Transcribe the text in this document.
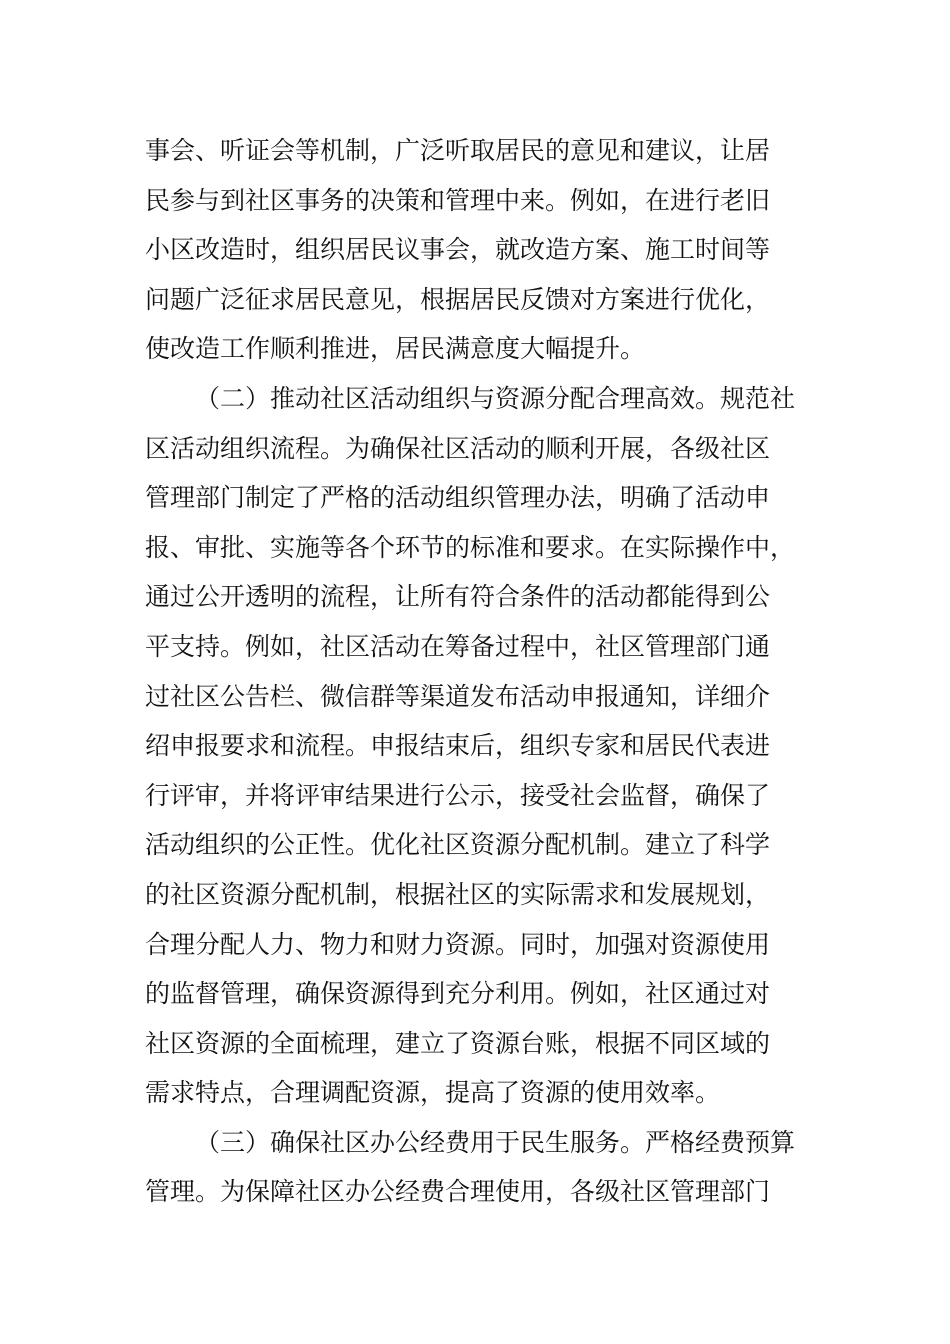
事会、听证会等机制，广泛听取居民的意见和建议，让居
民参与到社区事务的决策和管理中来。例如，在进行老旧
小区改造时，组织居民议事会，就改造方案、施工时间等
问题广泛征求居民意见，根据居民反馈对方案进行优化，
使改造工作顺利推进，居民满意度大幅提升。
（二）推动社区活动组织与资源分配合理高效。规范社
区活动组织流程。为确保社区活动的顺利开展，各级社区
管理部门制定了严格的活动组织管理办法，明确了活动申
报、审批、实施等各个环节的标准和要求。在实际操作中，
通过公开透明的流程，让所有符合条件的活动都能得到公
平支持。例如，社区活动在筹备过程中，社区管理部门通
过社区公告栏、微信群等渠道发布活动申报通知，详细介
绍申报要求和流程。申报结束后，组织专家和居民代表进
行评审，并将评审结果进行公示，接受社会监督，确保了
活动组织的公正性。优化社区资源分配机制。建立了科学
的社区资源分配机制，根据社区的实际需求和发展规划，
合理分配人力、物力和财力资源。同时，加强对资源使用
的监督管理，确保资源得到充分利用。例如，社区通过对
社区资源的全面梳理，建立了资源台账，根据不同区域的
需求特点，合理调配资源，提高了资源的使用效率。
（三）确保社区办公经费用于民生服务。严格经费预算
管理。为保障社区办公经费合理使用，各级社区管理部门
